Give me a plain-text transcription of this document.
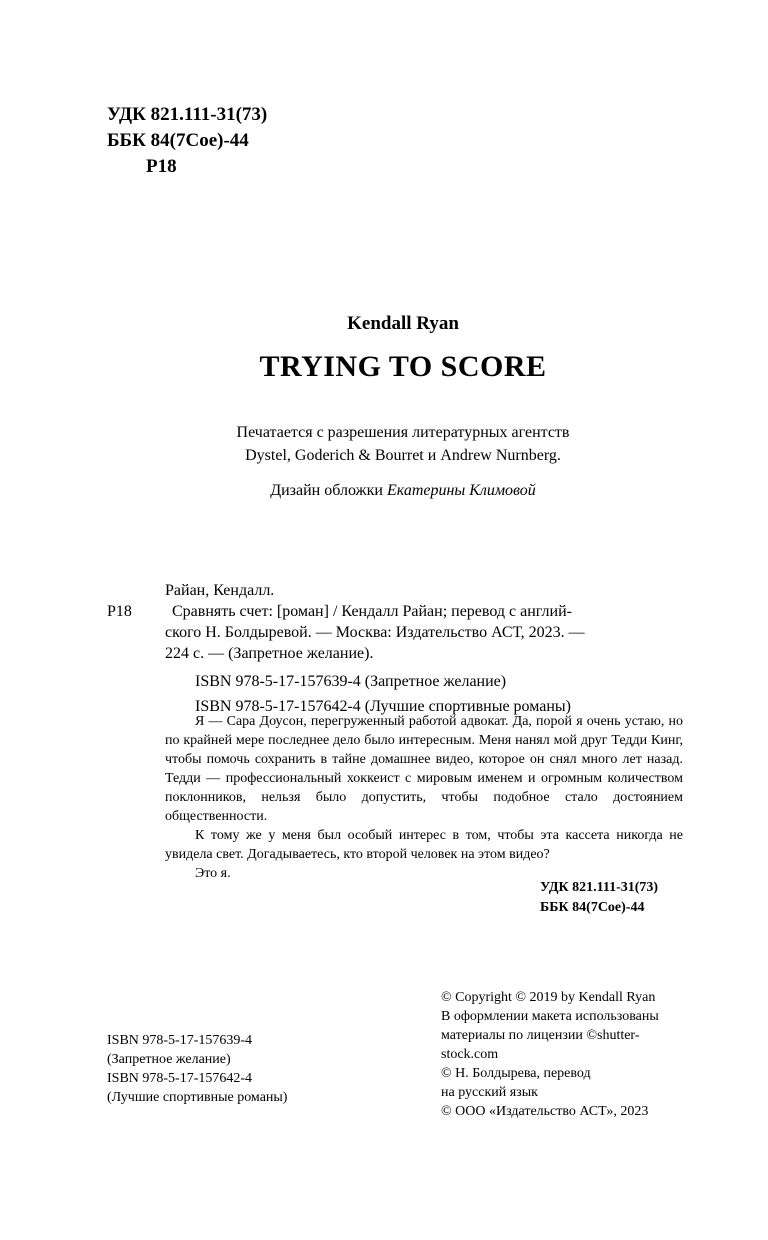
УДК 821.111-31(73)
ББК 84(7Сое)-44
Р18
Kendall Ryan
TRYING TO SCORE
Печатается с разрешения литературных агентств
Dystel, Goderich & Bourret и Andrew Nurnberg.
Дизайн обложки Екатерины Климовой
Р18
Райан, Кендалл.
Сравнять счет: [роман] / Кендалл Райан; перевод с англий-
ского Н. Болдыревой. — Москва: Издательство АСТ, 2023. —
224 с. — (Запретное желание).
ISBN 978-5-17-157639-4 (Запретное желание)
ISBN 978-5-17-157642-4 (Лучшие спортивные романы)

Я — Сара Доусон, перегруженный работой адвокат. Да, порой я очень устаю, но по крайней мере последнее дело было интересным. Меня нанял мой друг Тедди Кинг, чтобы помочь сохранить в тайне домашнее видео, которое он снял много лет назад. Тедди — профессиональный хоккеист с мировым именем и огромным количеством поклонников, нельзя было допустить, чтобы подобное стало достоянием общественности.

К тому же у меня был особый интерес в том, чтобы эта кассета никогда не увидела свет. Догадываетесь, кто второй человек на этом видео?

Это я.

УДК 821.111-31(73)
ББК 84(7Сое)-44
ISBN 978-5-17-157639-4
(Запретное желание)
ISBN 978-5-17-157642-4
(Лучшие спортивные романы)
© Copyright © 2019 by Kendall Ryan
В оформлении макета использованы
материалы по лицензии ©shutter-
stock.com
© Н. Болдырева, перевод
на русский язык
© ООО «Издательство АСТ», 2023
